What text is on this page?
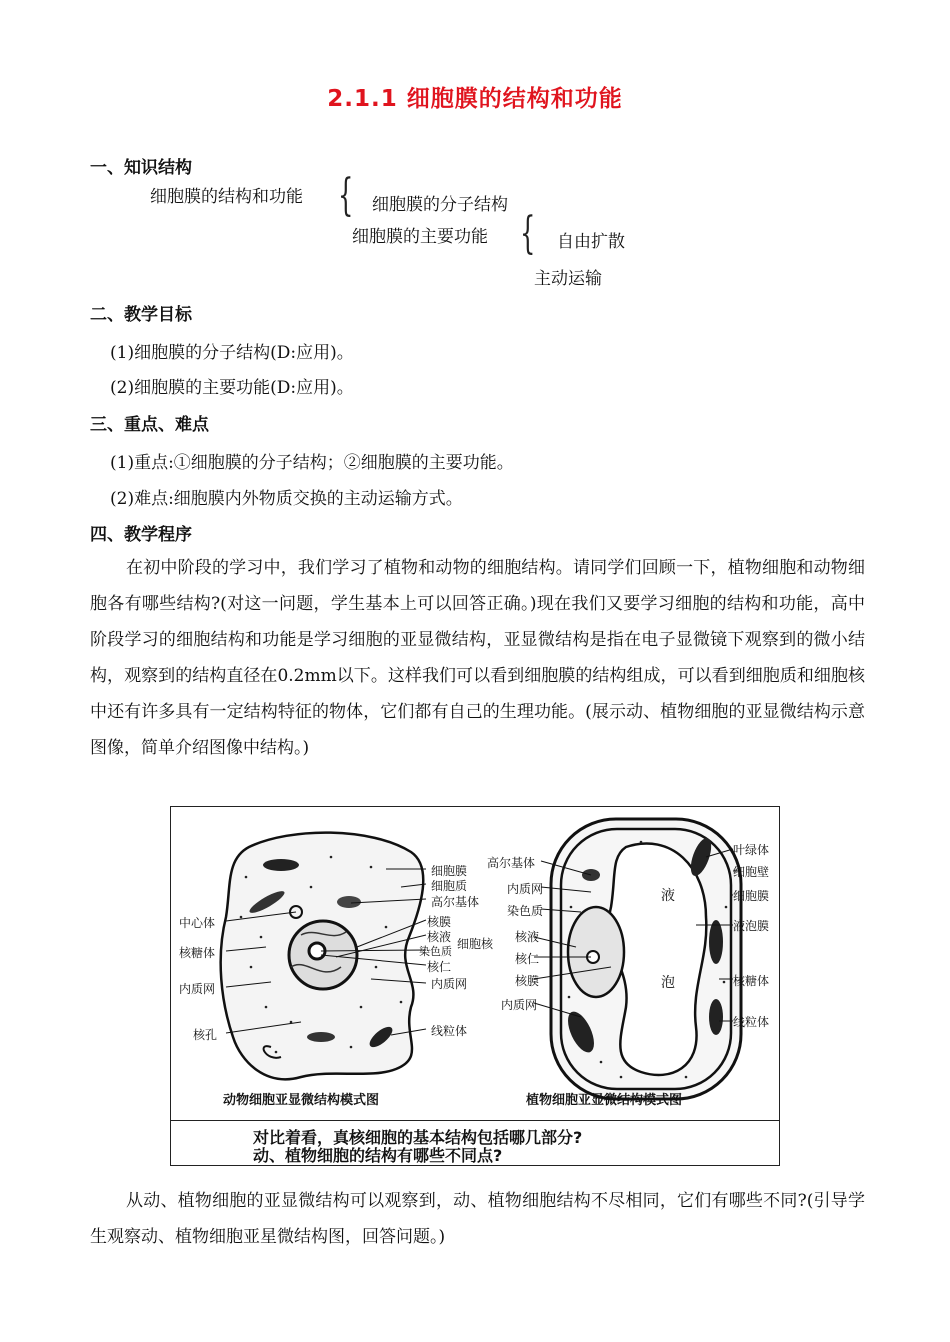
2.1.1 细胞膜的结构和功能
一、知识结构
细胞膜的结构和功能 { 细胞膜的分子结构
细胞膜的主要功能 { 自由扩散
主动运输
二、教学目标
(1)细胞膜的分子结构(D:应用)。
(2)细胞膜的主要功能(D:应用)。
三、重点、难点
(1)重点:①细胞膜的分子结构；②细胞膜的主要功能。
(2)难点:细胞膜内外物质交换的主动运输方式。
四、教学程序
在初中阶段的学习中，我们学习了植物和动物的细胞结构。请同学们回顾一下，植物细胞和动物细胞各有哪些结构?(对这一问题，学生基本上可以回答正确。)现在我们又要学习细胞的结构和功能，高中阶段学习的细胞结构和功能是学习细胞的亚显微结构，亚显微结构是指在电子显微镜下观察到的微小结构，观察到的结构直径在0.2mm以下。这样我们可以看到细胞膜的结构组成，可以看到细胞质和细胞核中还有许多具有一定结构特征的物体，它们都有自己的生理功能。(展示动、植物细胞的亚显微结构示意图像，简单介绍图像中结构。)
细胞膜
细胞质
高尔基体
中心体
核糖体
内质网
核孔
核膜
核液
染色质
核仁
细胞核
内质网
线粒体
动物细胞亚显微结构模式图
高尔基体
内质网
染色质
核液
核仁
核膜
内质网
液
泡
叶绿体
细胞壁
细胞膜
液泡膜
核糖体
线粒体
植物细胞亚显微结构模式图
对比着看，真核细胞的基本结构包括哪几部分?
动、植物细胞的结构有哪些不同点?
从动、植物细胞的亚显微结构可以观察到，动、植物细胞结构不尽相同，它们有哪些不同?(引导学生观察动、植物细胞亚星微结构图，回答问题。)
